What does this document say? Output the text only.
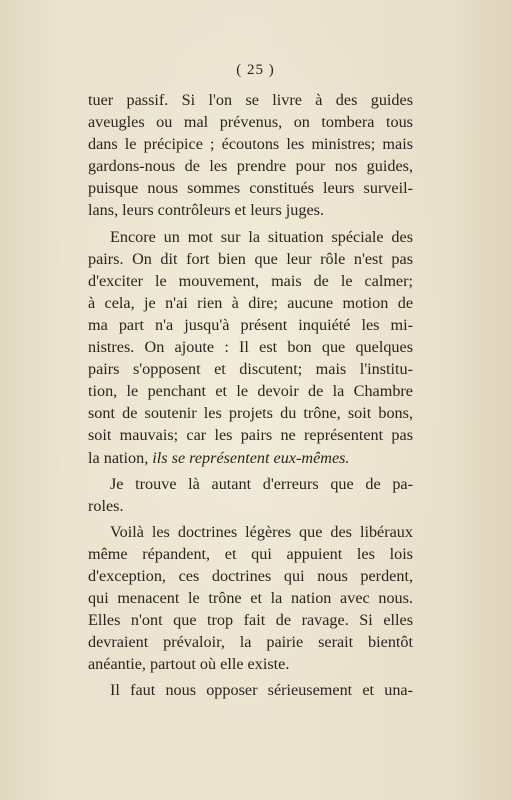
( 25 )
tuer passif. Si l'on se livre à des guides
aveugles ou mal prévenus, on tombera tous
dans le précipice ; écoutons les ministres; mais
gardons-nous de les prendre pour nos guides,
puisque nous sommes constitués leurs surveil-
lans, leurs contrôleurs et leurs juges.
Encore un mot sur la situation spéciale des
pairs. On dit fort bien que leur rôle n'est pas
d'exciter le mouvement, mais de le calmer;
à cela, je n'ai rien à dire; aucune motion de
ma part n'a jusqu'à présent inquiété les mi-
nistres. On ajoute : Il est bon que quelques
pairs s'opposent et discutent; mais l'institu-
tion, le penchant et le devoir de la Chambre
sont de soutenir les projets du trône, soit bons,
soit mauvais; car les pairs ne représentent pas
la nation, ils se représentent eux-mêmes.
Je trouve là autant d'erreurs que de pa-
roles.
Voilà les doctrines légères que des libéraux
même répandent, et qui appuient les lois
d'exception, ces doctrines qui nous perdent,
qui menacent le trône et la nation avec nous.
Elles n'ont que trop fait de ravage. Si elles
devraient prévaloir, la pairie serait bientôt
anéantie, partout où elle existe.
Il faut nous opposer sérieusement et una-
